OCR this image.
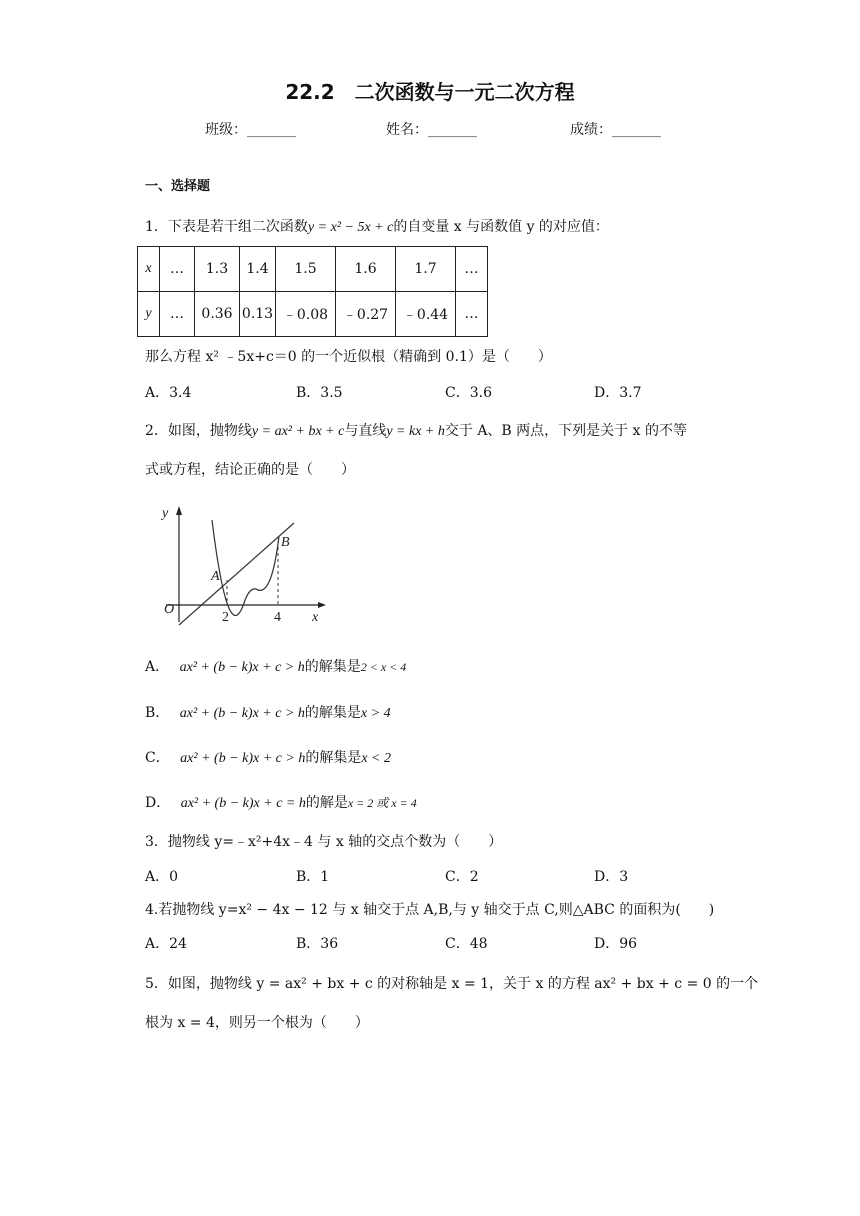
22.2　二次函数与一元二次方程
班级：_______	姓名：_______	成绩：_______
一、选择题
1．下表是若干组二次函数y = x² − 5x + c的自变量 x 与函数值 y 的对应值：
x	…	1.3	1.4	1.5	1.6	1.7	…
y	…	0.36	0.13	﹣0.08	﹣0.27	﹣0.44	…
那么方程 x² ﹣5x+c＝0 的一个近似根（精确到 0.1）是（　　）
A．3.4	B．3.5	C．3.6	D．3.7
2．如图，抛物线y = ax² + bx + c与直线y = kx + h交于 A、B 两点，下列是关于 x 的不等
式或方程，结论正确的是（　　）
y
x
O
A
B
2	4
A． ax² + (b − k)x + c > h的解集是2 < x < 4
B． ax² + (b − k)x + c > h的解集是x > 4
C． ax² + (b − k)x + c > h的解集是x < 2
D． ax² + (b − k)x + c = h的解是x = 2 或 x = 4
3．抛物线 y=﹣x²+4x﹣4 与 x 轴的交点个数为（　　）
A．0	B．1	C．2	D．3
4.若抛物线 y=x² − 4x − 12 与 x 轴交于点 A,B,与 y 轴交于点 C,则△ABC 的面积为(　　)
A．24	B．36	C．48	D．96
5．如图，抛物线 y = ax² + bx + c 的对称轴是 x = 1，关于 x 的方程 ax² + bx + c = 0 的一个
根为 x = 4，则另一个根为（　　）
